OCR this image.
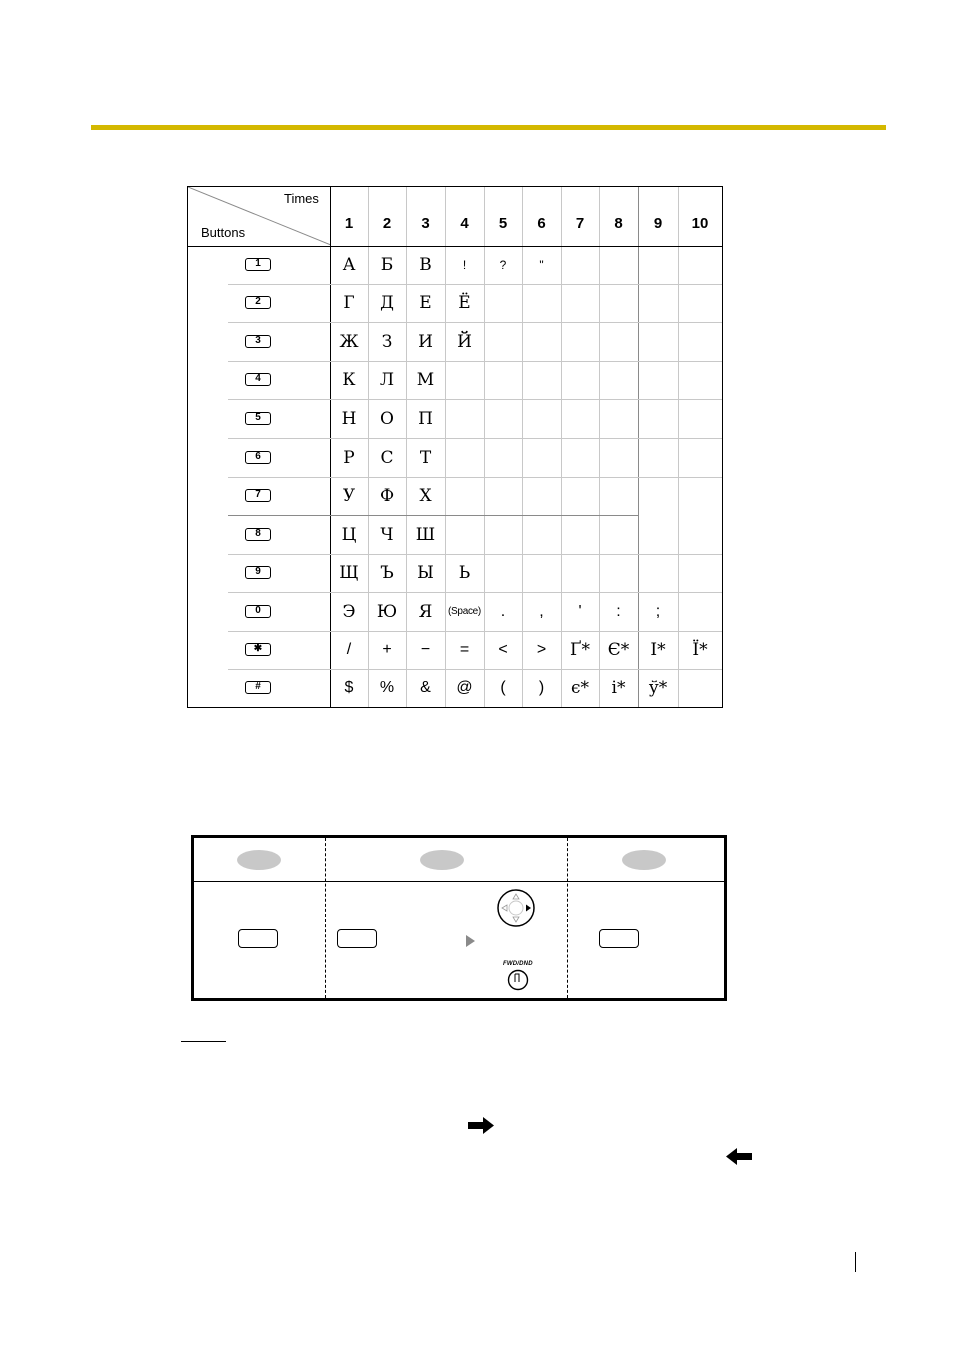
Times
Buttons
1	2	3	4	5	6	7	8	9	10
1	А	Б	В	!	?	"
2	Г	Д	Е	Ё
3	Ж	З	И	Й
4	К	Л	М
5	Н	О	П
6	Р	С	Т
7	У	Ф	Х
8	Ц	Ч	Ш
9	Щ	Ъ	Ы	Ь
0	Э	Ю	Я	(Space)	.	,	'	:	;
✱	/	+	−	=	<	>	Ґ*	Є*	І*	Ї*
#	$	%	&	@	(	)	є*	і*	ў*
FWD/DND
